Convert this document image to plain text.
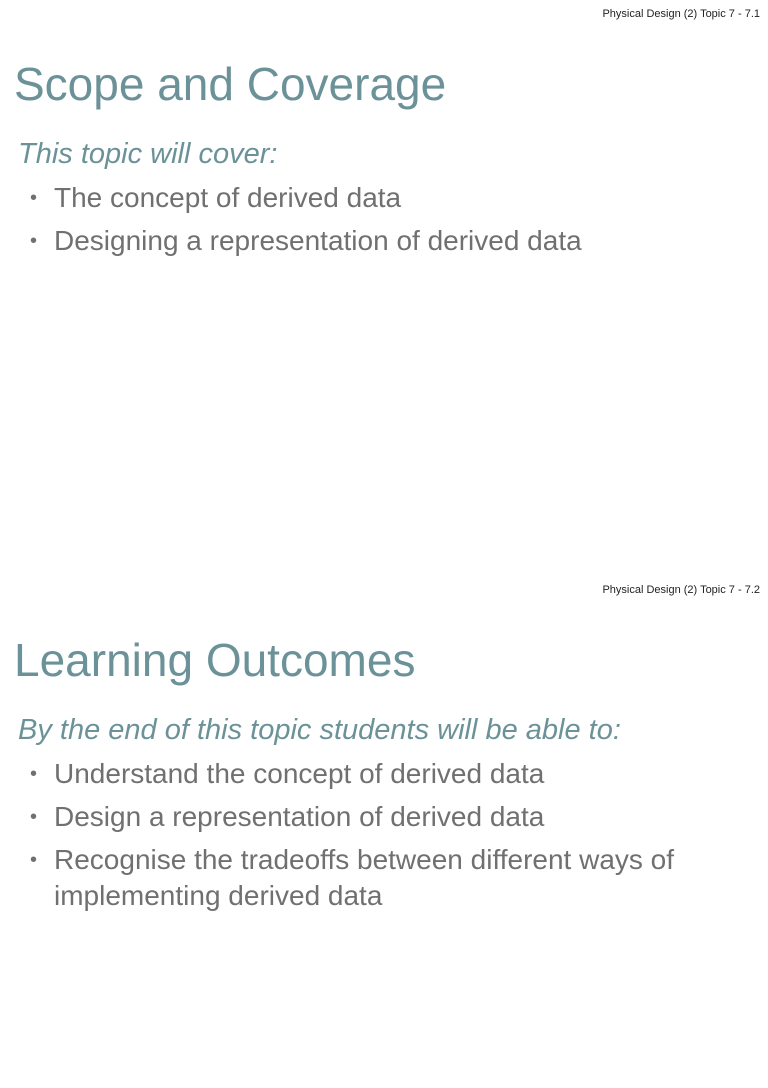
Physical Design (2) Topic 7 - 7.1
Scope and Coverage

This topic will cover:

• The concept of derived data
• Designing a representation of derived data
Physical Design (2) Topic 7 - 7.2
Learning Outcomes

By the end of this topic students will be able to:

• Understand the concept of derived data
• Design a representation of derived data
• Recognise the tradeoffs between different ways of implementing derived data
